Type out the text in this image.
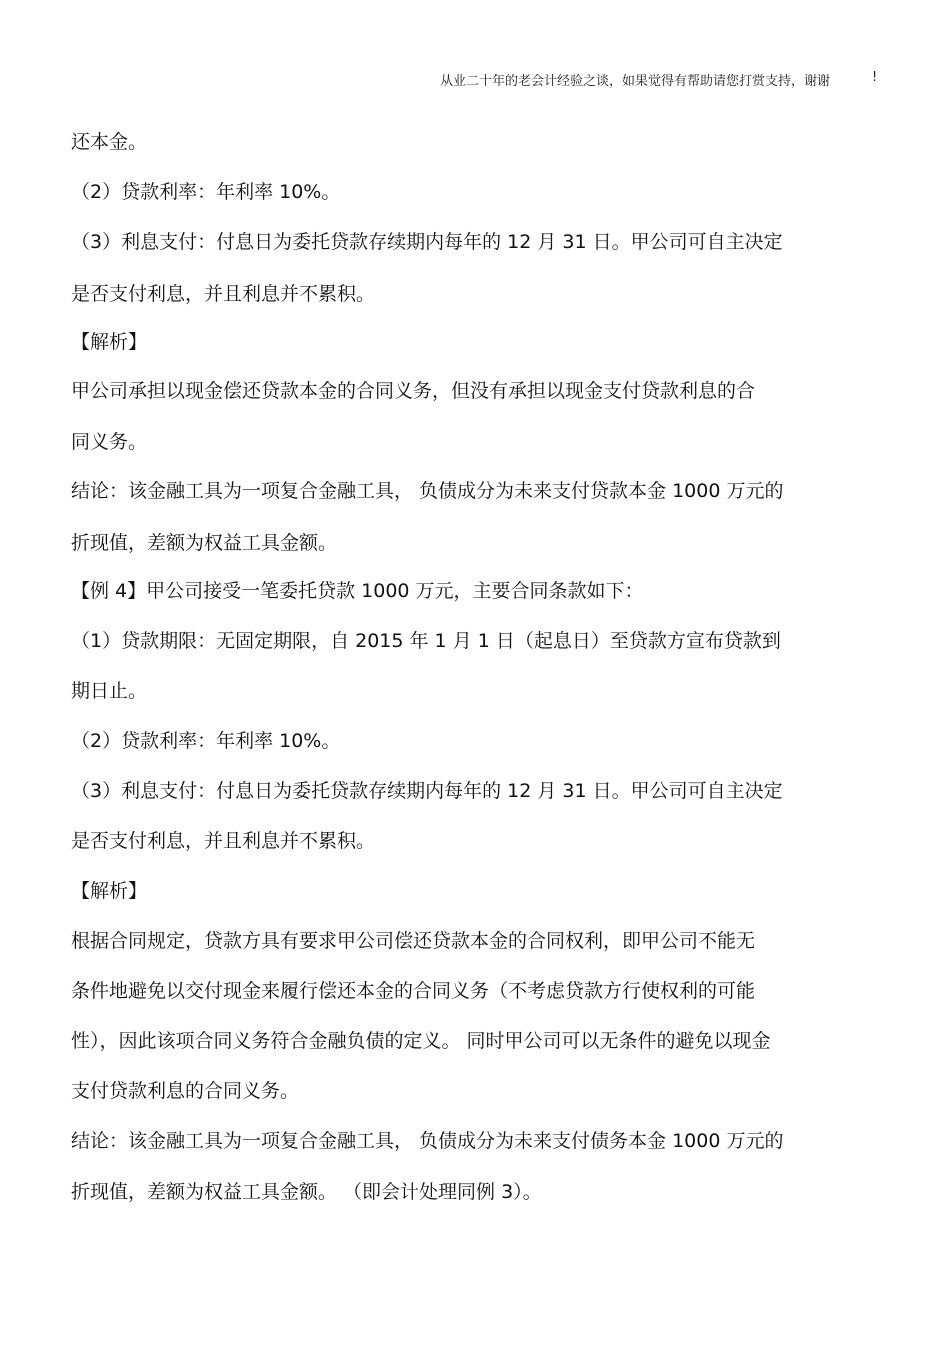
从业二十年的老会计经验之谈，如果觉得有帮助请您打赏支持，谢谢	!
还本金。
（2）贷款利率：年利率 10%。
（3）利息支付：付息日为委托贷款存续期内每年的 12 月 31 日。甲公司可自主决定
是否支付利息，并且利息并不累积。
【解析】
甲公司承担以现金偿还贷款本金的合同义务，但没有承担以现金支付贷款利息的合
同义务。
结论：该金融工具为一项复合金融工具， 负债成分为未来支付贷款本金 1000 万元的
折现值，差额为权益工具金额。
【例 4】甲公司接受一笔委托贷款 1000 万元，主要合同条款如下：
（1）贷款期限：无固定期限，自 2015 年 1 月 1 日（起息日）至贷款方宣布贷款到
期日止。
（2）贷款利率：年利率 10%。
（3）利息支付：付息日为委托贷款存续期内每年的 12 月 31 日。甲公司可自主决定
是否支付利息，并且利息并不累积。
【解析】
根据合同规定，贷款方具有要求甲公司偿还贷款本金的合同权利，即甲公司不能无
条件地避免以交付现金来履行偿还本金的合同义务（不考虑贷款方行使权利的可能
性），因此该项合同义务符合金融负债的定义。 同时甲公司可以无条件的避免以现金
支付贷款利息的合同义务。
结论：该金融工具为一项复合金融工具， 负债成分为未来支付债务本金 1000 万元的
折现值，差额为权益工具金额。 （即会计处理同例 3）。
